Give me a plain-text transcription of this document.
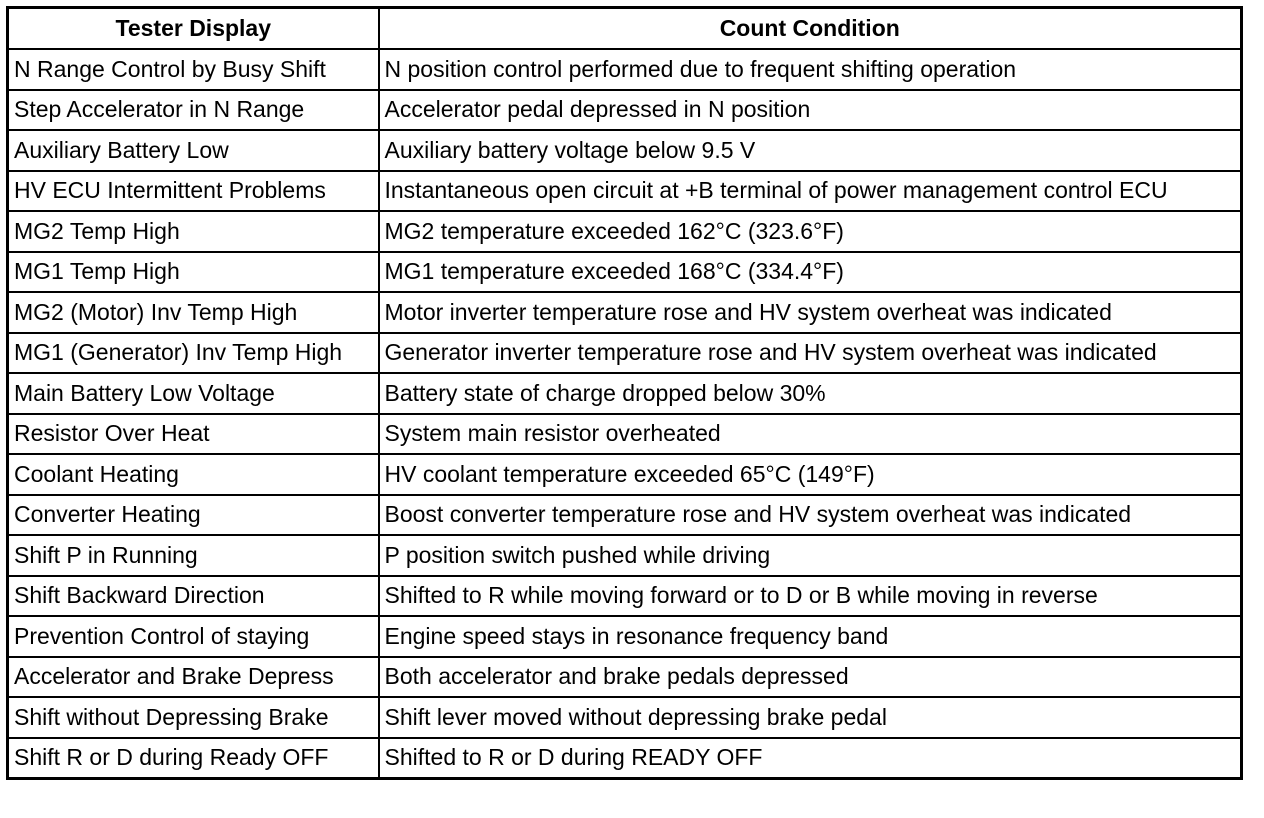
Tester Display	Count Condition
N Range Control by Busy Shift	N position control performed due to frequent shifting operation
Step Accelerator in N Range	Accelerator pedal depressed in N position
Auxiliary Battery Low	Auxiliary battery voltage below 9.5 V
HV ECU Intermittent Problems	Instantaneous open circuit at +B terminal of power management control ECU
MG2 Temp High	MG2 temperature exceeded 162°C (323.6°F)
MG1 Temp High	MG1 temperature exceeded 168°C (334.4°F)
MG2 (Motor) Inv Temp High	Motor inverter temperature rose and HV system overheat was indicated
MG1 (Generator) Inv Temp High	Generator inverter temperature rose and HV system overheat was indicated
Main Battery Low Voltage	Battery state of charge dropped below 30%
Resistor Over Heat	System main resistor overheated
Coolant Heating	HV coolant temperature exceeded 65°C (149°F)
Converter Heating	Boost converter temperature rose and HV system overheat was indicated
Shift P in Running	P position switch pushed while driving
Shift Backward Direction	Shifted to R while moving forward or to D or B while moving in reverse
Prevention Control of staying	Engine speed stays in resonance frequency band
Accelerator and Brake Depress	Both accelerator and brake pedals depressed
Shift without Depressing Brake	Shift lever moved without depressing brake pedal
Shift R or D during Ready OFF	Shifted to R or D during READY OFF
